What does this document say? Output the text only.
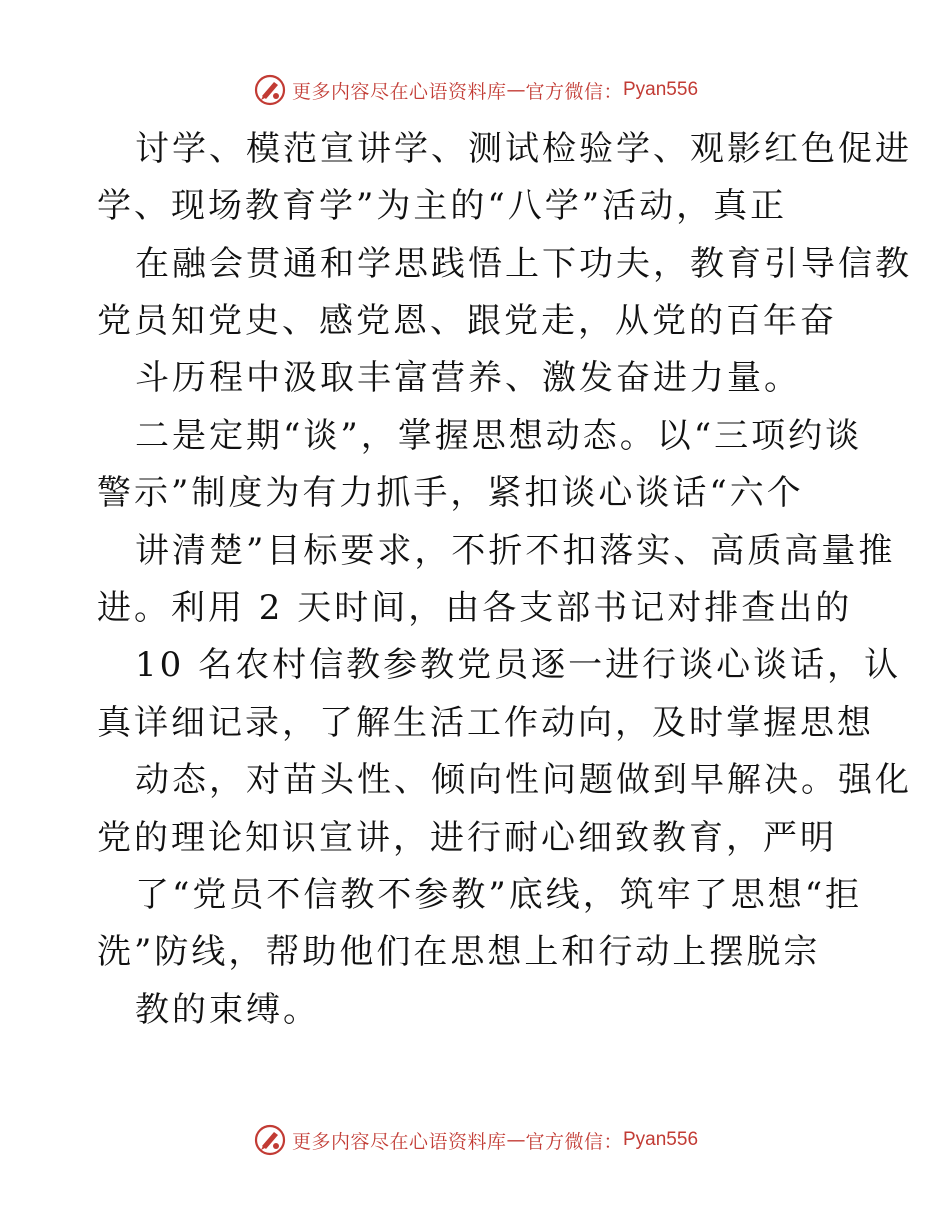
更多内容尽在心语资料库 — 官方微信： Pyan556
讨学、模范宣讲学、测试检验学、观影红色促进
学、现场教育学”为主的“八学”活动，真正
在融会贯通和学思践悟上下功夫，教育引导信教
党员知党史、感党恩、跟党走，从党的百年奋
斗历程中汲取丰富营养、激发奋进力量。
二是定期“谈”，掌握思想动态。以“三项约谈
警示”制度为有力抓手，紧扣谈心谈话“六个
讲清楚”目标要求，不折不扣落实、高质高量推
进。利用 2 天时间，由各支部书记对排查出的
10 名农村信教参教党员逐一进行谈心谈话，认
真详细记录，了解生活工作动向，及时掌握思想
动态，对苗头性、倾向性问题做到早解决。强化
党的理论知识宣讲，进行耐心细致教育，严明
了“党员不信教不参教”底线，筑牢了思想“拒
洗”防线，帮助他们在思想上和行动上摆脱宗
教的束缚。
更多内容尽在心语资料库 — 官方微信： Pyan556
